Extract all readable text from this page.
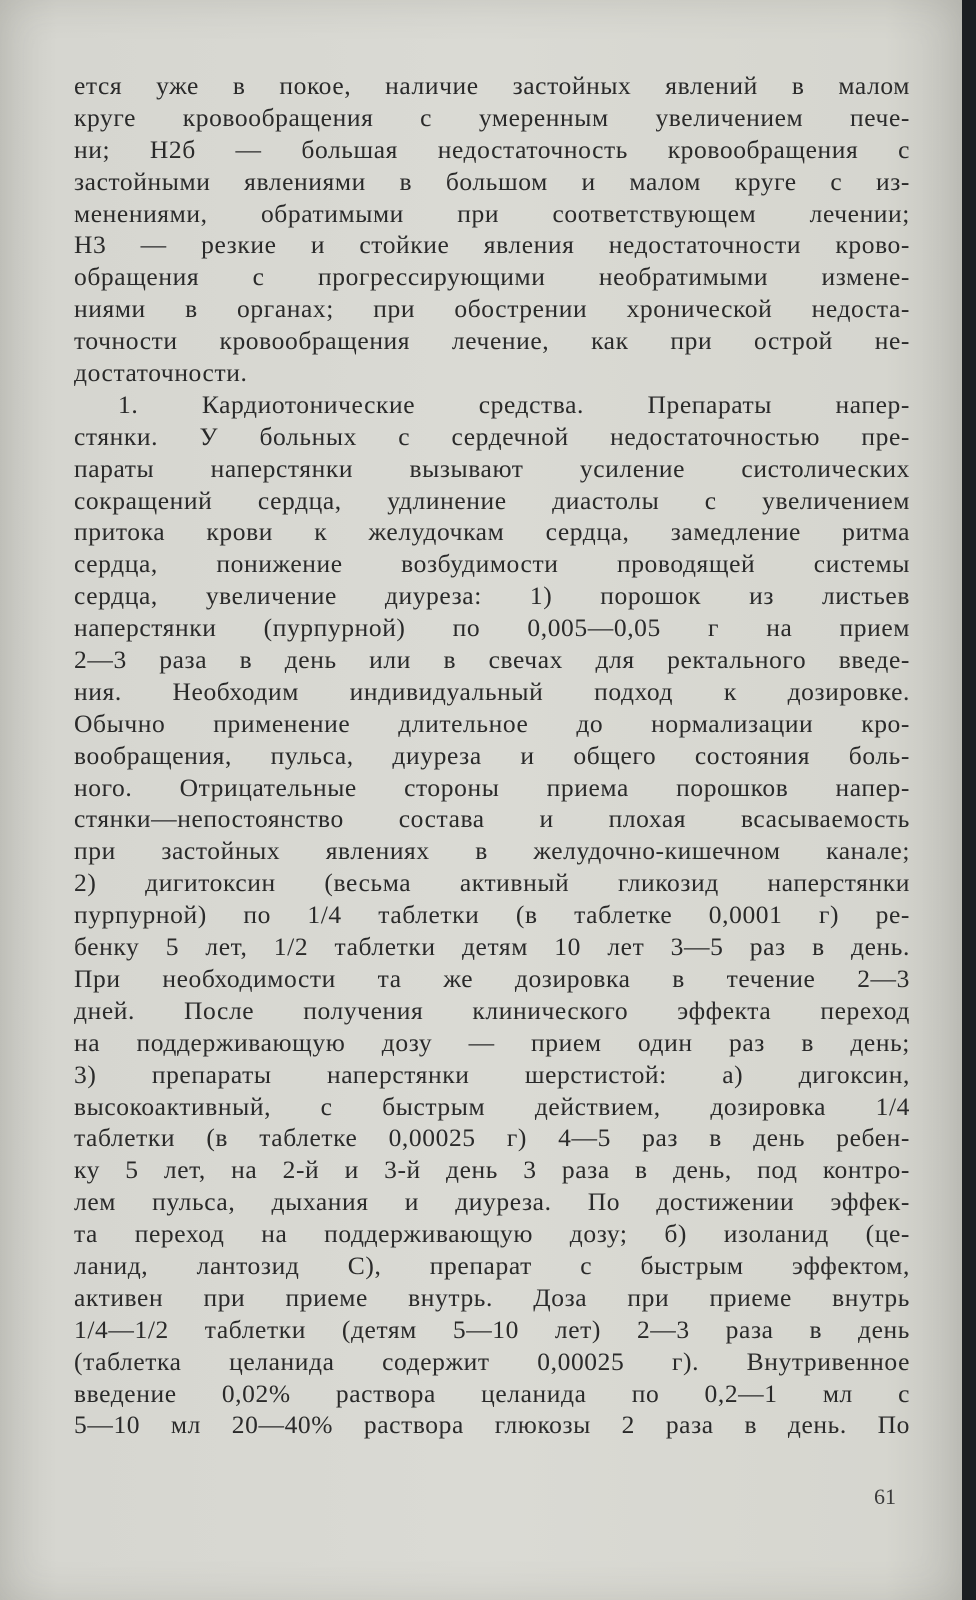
ется уже в покое, наличие застойных явлений в малом
круге кровообращения с умеренным увеличением пече-
ни; Н2б — большая недостаточность кровообращения с
застойными явлениями в большом и малом круге с из-
менениями, обратимыми при соответствующем лечении;
Н3 — резкие и стойкие явления недостаточности крово-
обращения с прогрессирующими необратимыми измене-
ниями в органах; при обострении хронической недоста-
точности кровообращения лечение, как при острой не-
достаточности.
1. Кардиотонические средства. Препараты напер-
стянки. У больных с сердечной недостаточностью пре-
параты наперстянки вызывают усиление систолических
сокращений сердца, удлинение диастолы с увеличением
притока крови к желудочкам сердца, замедление ритма
сердца, понижение возбудимости проводящей системы
сердца, увеличение диуреза: 1) порошок из листьев
наперстянки (пурпурной) по 0,005—0,05 г на прием
2—3 раза в день или в свечах для ректального введе-
ния. Необходим индивидуальный подход к дозировке.
Обычно применение длительное до нормализации кро-
вообращения, пульса, диуреза и общего состояния боль-
ного. Отрицательные стороны приема порошков напер-
стянки—непостоянство состава и плохая всасываемость
при застойных явлениях в желудочно-кишечном канале;
2) дигитоксин (весьма активный гликозид наперстянки
пурпурной) по 1/4 таблетки (в таблетке 0,0001 г) ре-
бенку 5 лет, 1/2 таблетки детям 10 лет 3—5 раз в день.
При необходимости та же дозировка в течение 2—3
дней. После получения клинического эффекта переход
на поддерживающую дозу — прием один раз в день;
3) препараты наперстянки шерстистой: а) дигоксин,
высокоактивный, с быстрым действием, дозировка 1/4
таблетки (в таблетке 0,00025 г) 4—5 раз в день ребен-
ку 5 лет, на 2-й и 3-й день 3 раза в день, под контро-
лем пульса, дыхания и диуреза. По достижении эффек-
та переход на поддерживающую дозу; б) изоланид (це-
ланид, лантозид С), препарат с быстрым эффектом,
активен при приеме внутрь. Доза при приеме внутрь
1/4—1/2 таблетки (детям 5—10 лет) 2—3 раза в день
(таблетка целанида содержит 0,00025 г). Внутривенное
введение 0,02% раствора целанида по 0,2—1 мл с
5—10 мл 20—40% раствора глюкозы 2 раза в день. По
61
